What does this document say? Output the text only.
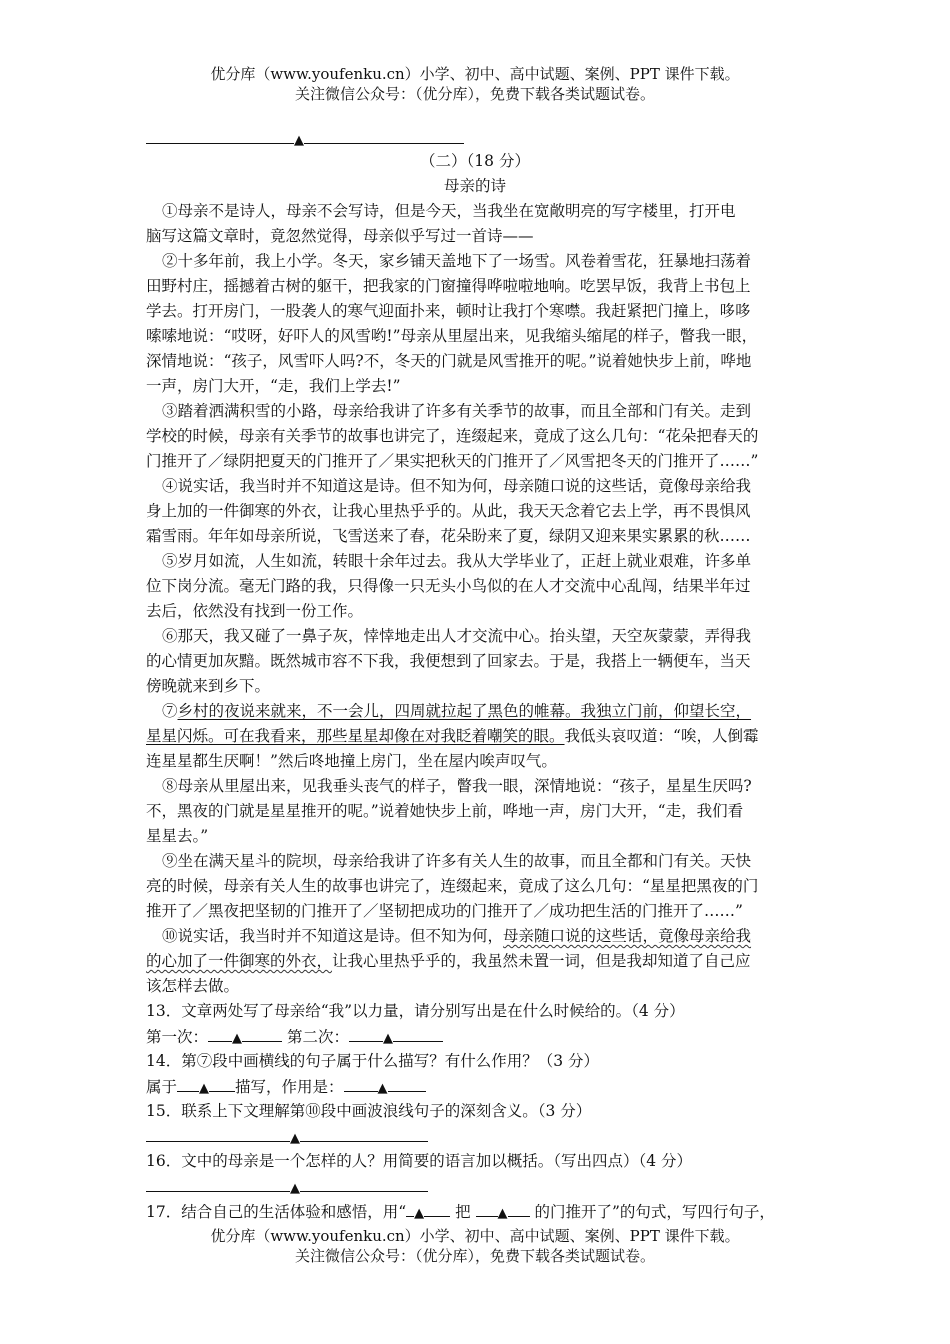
优分库（www.youfenku.cn）小学、初中、高中试题、案例、PPT 课件下载。
关注微信公众号：（优分库），免费下载各类试题试卷。
▲
（二）（18 分）
母亲的诗
①母亲不是诗人，母亲不会写诗，但是今天，当我坐在宽敞明亮的写字楼里，打开电
脑写这篇文章时，竟忽然觉得，母亲似乎写过一首诗——
②十多年前，我上小学。冬天，家乡铺天盖地下了一场雪。风卷着雪花，狂暴地扫荡着
田野村庄，摇撼着古树的躯干，把我家的门窗撞得哗啦啦地响。吃罢早饭，我背上书包上
学去。打开房门，一股袭人的寒气迎面扑来，顿时让我打个寒噤。我赶紧把门撞上，哆哆
嗦嗦地说：“哎呀，好吓人的风雪哟!”母亲从里屋出来，见我缩头缩尾的样子，瞥我一眼，
深情地说：“孩子，风雪吓人吗?不，冬天的门就是风雪推开的呢。”说着她快步上前，哗地
一声，房门大开，“走，我们上学去!”
③踏着洒满积雪的小路，母亲给我讲了许多有关季节的故事，而且全部和门有关。走到
学校的时候，母亲有关季节的故事也讲完了，连缀起来，竟成了这么几句：“花朵把春天的
门推开了／绿阴把夏天的门推开了／果实把秋天的门推开了／风雪把冬天的门推开了……”
④说实话，我当时并不知道这是诗。但不知为何，母亲随口说的这些话，竟像母亲给我
身上加的一件御寒的外衣，让我心里热乎乎的。从此，我天天念着它去上学，再不畏惧风
霜雪雨。年年如母亲所说，飞雪送来了春，花朵盼来了夏，绿阴又迎来果实累累的秋……
⑤岁月如流，人生如流，转眼十余年过去。我从大学毕业了，正赶上就业艰难，许多单
位下岗分流。毫无门路的我，只得像一只无头小鸟似的在人才交流中心乱闯，结果半年过
去后，依然没有找到一份工作。
⑥那天，我又碰了一鼻子灰，悻悻地走出人才交流中心。抬头望，天空灰蒙蒙，弄得我
的心情更加灰黯。既然城市容不下我，我便想到了回家去。于是，我搭上一辆便车，当天
傍晚就来到乡下。
⑦乡村的夜说来就来，不一会儿，四周就拉起了黑色的帷幕。我独立门前，仰望长空，
星星闪烁。可在我看来，那些星星却像在对我眨着嘲笑的眼。我低头哀叹道：“唉，人倒霉
连星星都生厌啊！”然后咚地撞上房门，坐在屋内唉声叹气。
⑧母亲从里屋出来，见我垂头丧气的样子，瞥我一眼，深情地说：“孩子，星星生厌吗?
不，黑夜的门就是星星推开的呢。”说着她快步上前，哗地一声，房门大开，“走，我们看
星星去。”
⑨坐在满天星斗的院坝，母亲给我讲了许多有关人生的故事，而且全都和门有关。天快
亮的时候，母亲有关人生的故事也讲完了，连缀起来，竟成了这么几句：“星星把黑夜的门
推开了／黑夜把坚韧的门推开了／坚韧把成功的门推开了／成功把生活的门推开了……”
⑩说实话，我当时并不知道这是诗。但不知为何，母亲随口说的这些话，竟像母亲给我
的心加了一件御寒的外衣，让我心里热乎乎的，我虽然未置一词，但是我却知道了自己应
该怎样去做。
13．文章两处写了母亲给“我”以力量，请分别写出是在什么时候给的。（4 分）
第一次： ▲	第二次：	▲
14．第⑦段中画横线的句子属于什么描写？有什么作用？（3 分）
属于 ▲ 描写，作用是：	▲
15．联系上下文理解第⑩段中画波浪线句子的深刻含义。（3 分）
▲
16．文中的母亲是一个怎样的人？用简要的语言加以概括。（写出四点）（4 分）
▲
17．结合自己的生活体验和感悟，用“ ▲ 把 ▲ 的门推开了”的句式，写四行句子，
优分库（www.youfenku.cn）小学、初中、高中试题、案例、PPT 课件下载。
关注微信公众号：（优分库），免费下载各类试题试卷。
